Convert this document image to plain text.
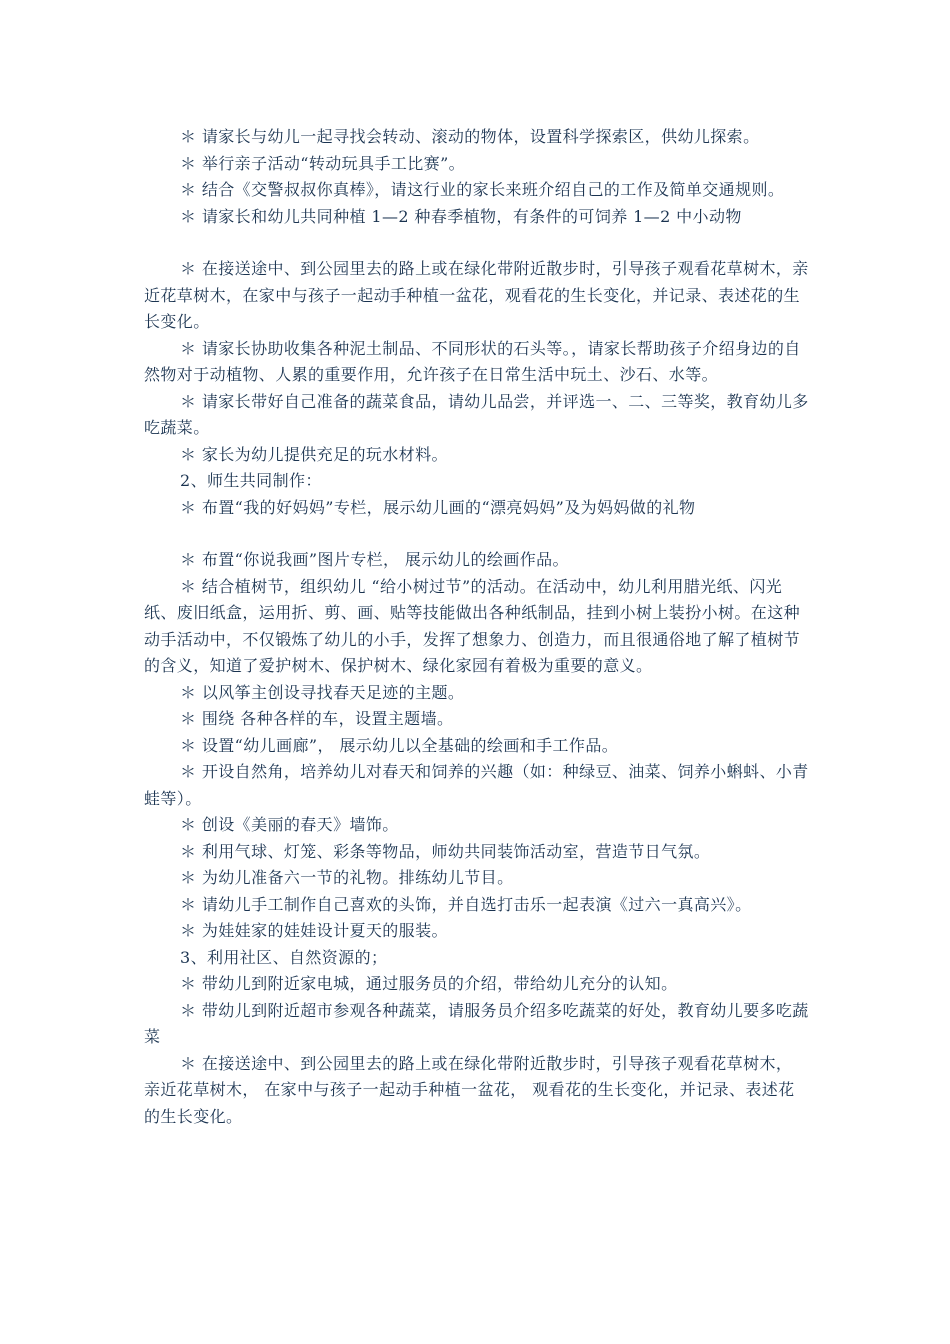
＊ 请家长与幼儿一起寻找会转动、滚动的物体，设置科学探索区，供幼儿探索。

＊ 举行亲子活动“转动玩具手工比赛”。

＊ 结合《交警叔叔你真棒》，请这行业的家长来班介绍自己的工作及简单交通规则。

＊ 请家长和幼儿共同种植 1—2 种春季植物，有条件的可饲养 1—2 中小动物

＊ 在接送途中、到公园里去的路上或在绿化带附近散步时，引导孩子观看花草树木，亲近花草树木，在家中与孩子一起动手种植一盆花，观看花的生长变化，并记录、表述花的生长变化。

＊ 请家长协助收集各种泥土制品、不同形状的石头等。，请家长帮助孩子介绍身边的自然物对于动植物、人累的重要作用，允许孩子在日常生活中玩土、沙石、水等。

＊ 请家长带好自己准备的蔬菜食品，请幼儿品尝，并评选一、二、三等奖，教育幼儿多吃蔬菜。

＊ 家长为幼儿提供充足的玩水材料。

2、师生共同制作：

＊ 布置“我的好妈妈”专栏，展示幼儿画的“漂亮妈妈”及为妈妈做的礼物

＊ 布置“你说我画”图片专栏， 展示幼儿的绘画作品。

＊ 结合植树节，组织幼儿 “给小树过节”的活动。在活动中，幼儿利用腊光纸、闪光纸、废旧纸盒，运用折、剪、画、贴等技能做出各种纸制品，挂到小树上装扮小树。在这种动手活动中，不仅锻炼了幼儿的小手，发挥了想象力、创造力，而且很通俗地了解了植树节　　的含义，知道了爱护树木、保护树木、绿化家园有着极为重要的意义。

＊ 以风筝主创设寻找春天足迹的主题。

＊ 围绕 各种各样的车，设置主题墙。

＊ 设置“幼儿画廊”， 展示幼儿以全基础的绘画和手工作品。

＊ 开设自然角，培养幼儿对春天和饲养的兴趣（如：种绿豆、油菜、饲养小蝌蚪、小青蛙等）。

＊ 创设《美丽的春天》墙饰。

＊ 利用气球、灯笼、彩条等物品，师幼共同装饰活动室，营造节日气氛。

＊ 为幼儿准备六一节的礼物。排练幼儿节目。

＊ 请幼儿手工制作自己喜欢的头饰，并自选打击乐一起表演《过六一真高兴》。

＊ 为娃娃家的娃娃设计夏天的服装。

3、利用社区、自然资源的；

＊ 带幼儿到附近家电城，通过服务员的介绍，带给幼儿充分的认知。

＊ 带幼儿到附近超市参观各种蔬菜，请服务员介绍多吃蔬菜的好处，教育幼儿要多吃蔬菜

＊ 在接送途中、到公园里去的路上或在绿化带附近散步时，引导孩子观看花草树木， 亲近花草树木， 在家中与孩子一起动手种植一盆花， 观看花的生长变化，并记录、表述花的生长变化。
